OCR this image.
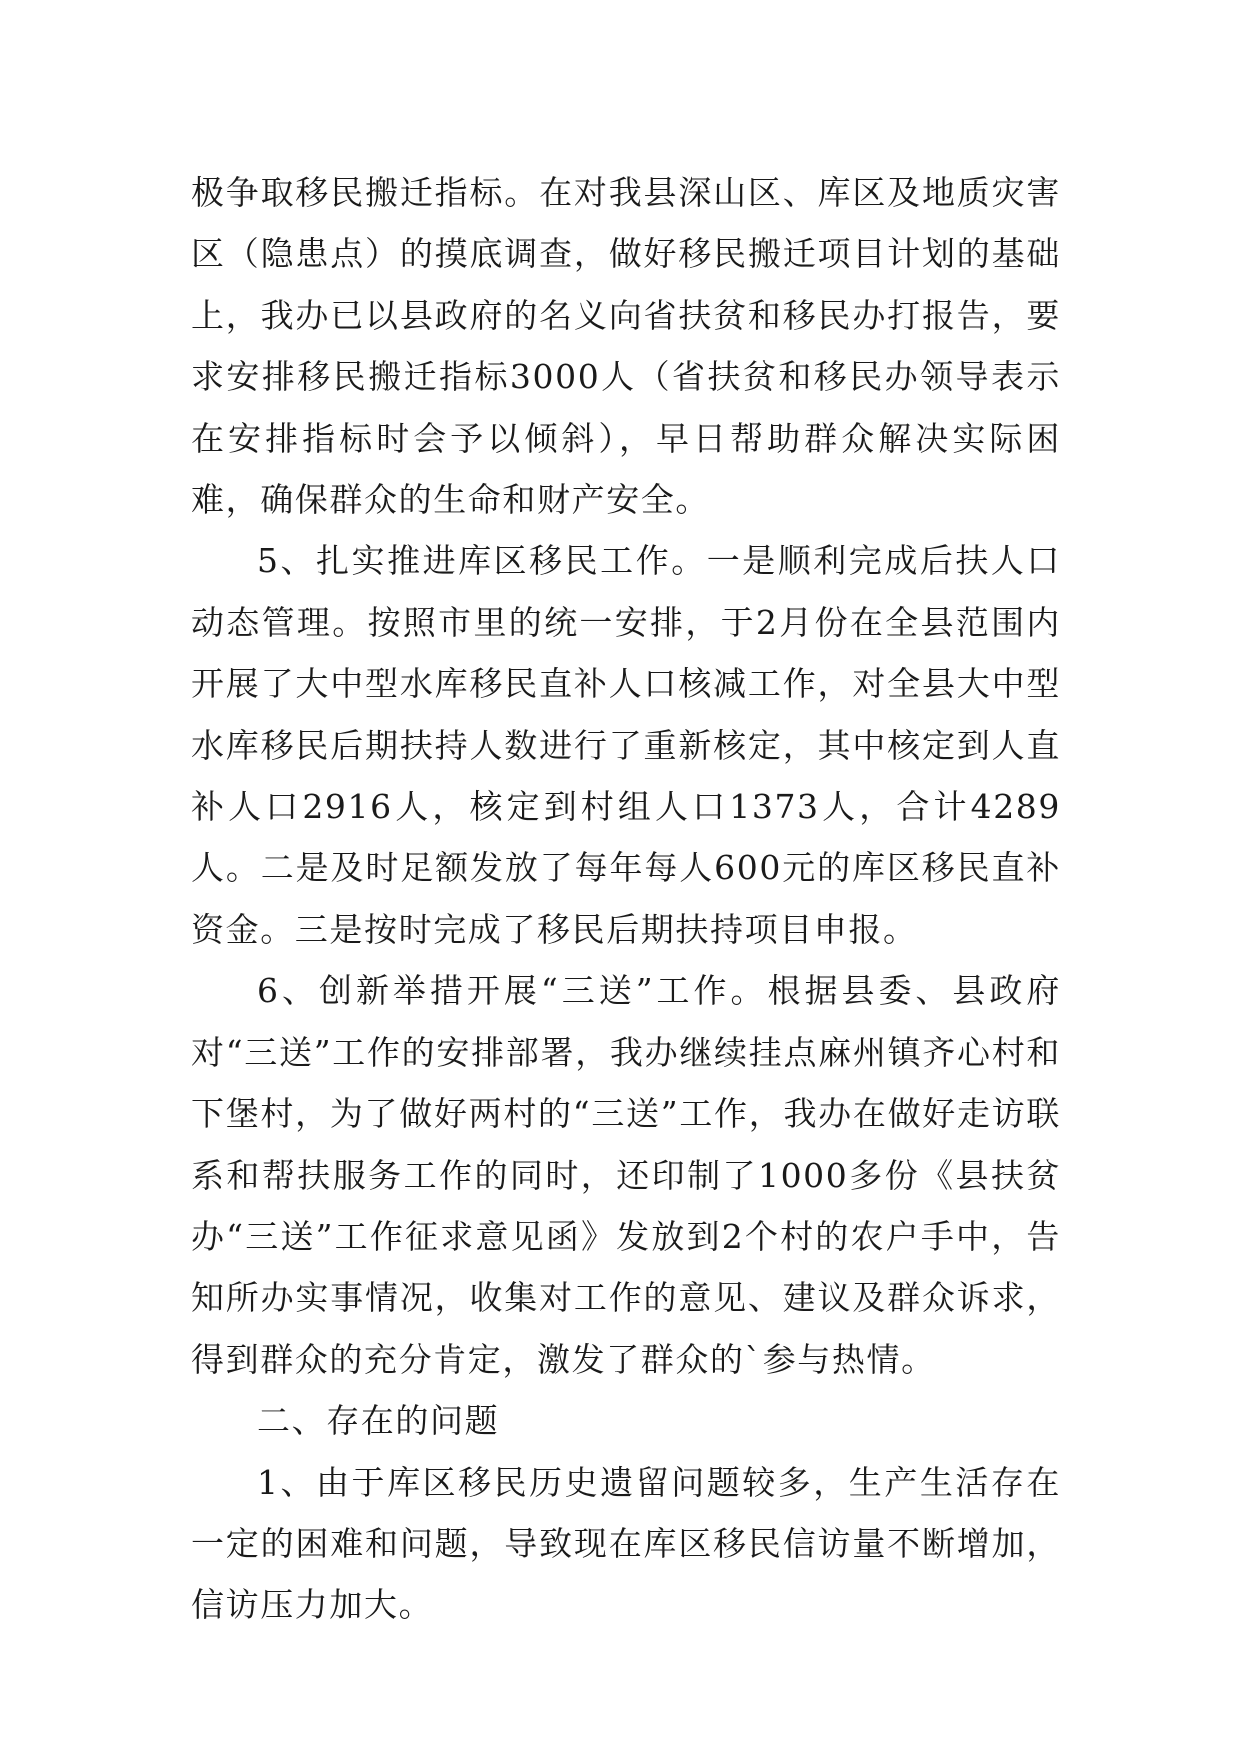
极争取移民搬迁指标。在对我县深山区、库区及地质灾害区（隐患点）的摸底调查，做好移民搬迁项目计划的基础上，我办已以县政府的名义向省扶贫和移民办打报告，要求安排移民搬迁指标3000人（省扶贫和移民办领导表示在安排指标时会予以倾斜），早日帮助群众解决实际困难，确保群众的生命和财产安全。

5、扎实推进库区移民工作。一是顺利完成后扶人口动态管理。按照市里的统一安排，于2月份在全县范围内开展了大中型水库移民直补人口核减工作，对全县大中型水库移民后期扶持人数进行了重新核定，其中核定到人直补人口2916人，核定到村组人口1373人，合计4289人。二是及时足额发放了每年每人600元的库区移民直补资金。三是按时完成了移民后期扶持项目申报。

6、创新举措开展“三送”工作。根据县委、县政府对“三送”工作的安排部署，我办继续挂点麻州镇齐心村和下堡村，为了做好两村的“三送”工作，我办在做好走访联系和帮扶服务工作的同时，还印制了1000多份《县扶贫办“三送”工作征求意见函》发放到2个村的农户手中，告知所办实事情况，收集对工作的意见、建议及群众诉求，得到群众的充分肯定，激发了群众的`参与热情。

二、存在的问题

1、由于库区移民历史遗留问题较多，生产生活存在一定的困难和问题，导致现在库区移民信访量不断增加，信访压力加大。
